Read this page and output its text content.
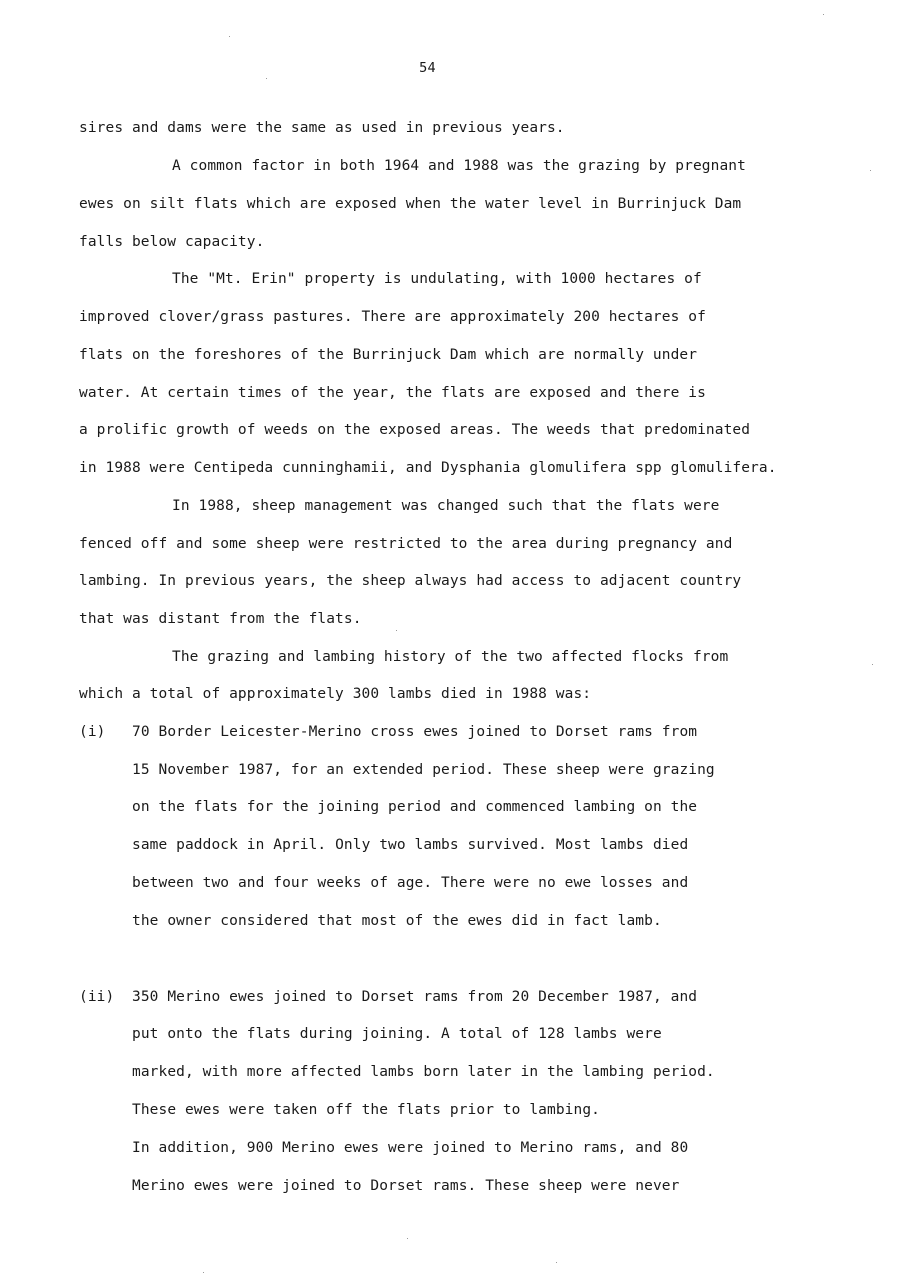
54
sires and dams were the same as used in previous years.
A common factor in both 1964 and 1988 was the grazing by pregnant
ewes on silt flats which are exposed when the water level in Burrinjuck Dam
falls below capacity.
The "Mt. Erin" property is undulating, with 1000 hectares of
improved clover/grass pastures. There are approximately 200 hectares of
flats on the foreshores of the Burrinjuck Dam which are normally under
water. At certain times of the year, the flats are exposed and there is
a prolific growth of weeds on the exposed areas. The weeds that predominated
in 1988 were Centipeda cunninghamii, and Dysphania glomulifera spp glomulifera.
In 1988, sheep management was changed such that the flats were
fenced off and some sheep were restricted to the area during pregnancy and
lambing. In previous years, the sheep always had access to adjacent country
that was distant from the flats.
The grazing and lambing history of the two affected flocks from
which a total of approximately 300 lambs died in 1988 was:
(i) 70 Border Leicester-Merino cross ewes joined to Dorset rams from
15 November 1987, for an extended period. These sheep were grazing
on the flats for the joining period and commenced lambing on the
same paddock in April. Only two lambs survived. Most lambs died
between two and four weeks of age. There were no ewe losses and
the owner considered that most of the ewes did in fact lamb.
(ii) 350 Merino ewes joined to Dorset rams from 20 December 1987, and
put onto the flats during joining. A total of 128 lambs were
marked, with more affected lambs born later in the lambing period.
These ewes were taken off the flats prior to lambing.
In addition, 900 Merino ewes were joined to Merino rams, and 80
Merino ewes were joined to Dorset rams. These sheep were never
